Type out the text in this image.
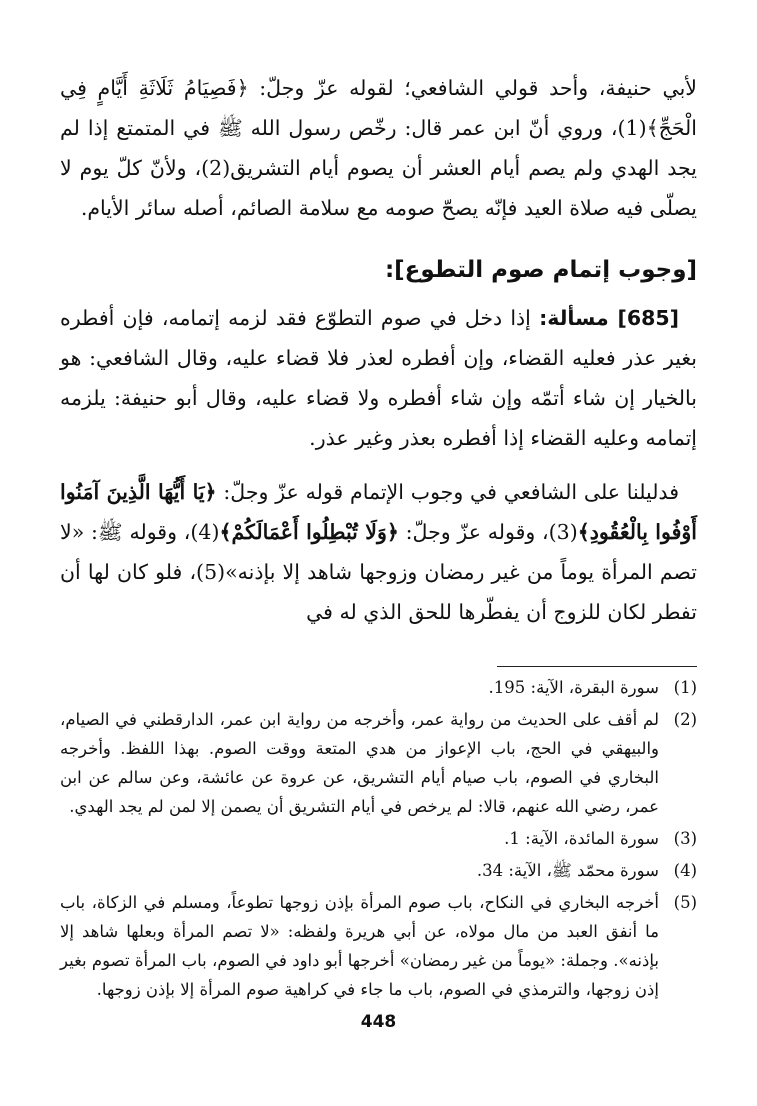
لأبي حنيفة، وأحد قولي الشافعي؛ لقوله عزّ وجلّ: ﴿فَصِيَامُ ثَلَاثَةِ أَيَّامٍ فِي الْحَجِّ﴾(1)، وروي أنّ ابن عمر قال: رخّص رسول الله ﷺ في المتمتع إذا لم يجد الهدي ولم يصم أيام العشر أن يصوم أيام التشريق(2)، ولأنّ كلّ يوم لا يصلّى فيه صلاة العيد فإنّه يصحّ صومه مع سلامة الصائم، أصله سائر الأيام.

[وجوب إتمام صوم التطوع]:

[685] مسألة: إذا دخل في صوم التطوّع فقد لزمه إتمامه، فإن أفطره بغير عذر فعليه القضاء، وإن أفطره لعذر فلا قضاء عليه، وقال الشافعي: هو بالخيار إن شاء أتمّه وإن شاء أفطره ولا قضاء عليه، وقال أبو حنيفة: يلزمه إتمامه وعليه القضاء إذا أفطره بعذر وغير عذر.

فدليلنا على الشافعي في وجوب الإتمام قوله عزّ وجلّ: ﴿يَا أَيُّهَا الَّذِينَ آمَنُوا أَوْفُوا بِالْعُقُودِ﴾(3)، وقوله عزّ وجلّ: ﴿وَلَا تُبْطِلُوا أَعْمَالَكُمْ﴾(4)، وقوله ﷺ: «لا تصم المرأة يوماً من غير رمضان وزوجها شاهد إلا بإذنه»(5)، فلو كان لها أن تفطر لكان للزوج أن يفطّرها للحق الذي له في

(1)
سورة البقرة، الآية: 195.
(2)
لم أقف على الحديث من رواية عمر، وأخرجه من رواية ابن عمر، الدارقطني في الصيام، والبيهقي في الحج، باب الإعواز من هدي المتعة ووقت الصوم. بهذا اللفظ. وأخرجه البخاري في الصوم، باب صيام أيام التشريق، عن عروة عن عائشة، وعن سالم عن ابن عمر، رضي الله عنهم، قالا: لم يرخص في أيام التشريق أن يصمن إلا لمن لم يجد الهدي.
(3)
سورة المائدة، الآية: 1.
(4)
سورة محمّد ﷺ، الآية: 34.
(5)
أخرجه البخاري في النكاح، باب صوم المرأة بإذن زوجها تطوعاً، ومسلم في الزكاة، باب ما أنفق العبد من مال مولاه، عن أبي هريرة ولفظه: «لا تصم المرأة وبعلها شاهد إلا بإذنه». وجملة: «يوماً من غير رمضان» أخرجها أبو داود في الصوم، باب المرأة تصوم بغير إذن زوجها، والترمذي في الصوم، باب ما جاء في كراهية صوم المرأة إلا بإذن زوجها.
448
